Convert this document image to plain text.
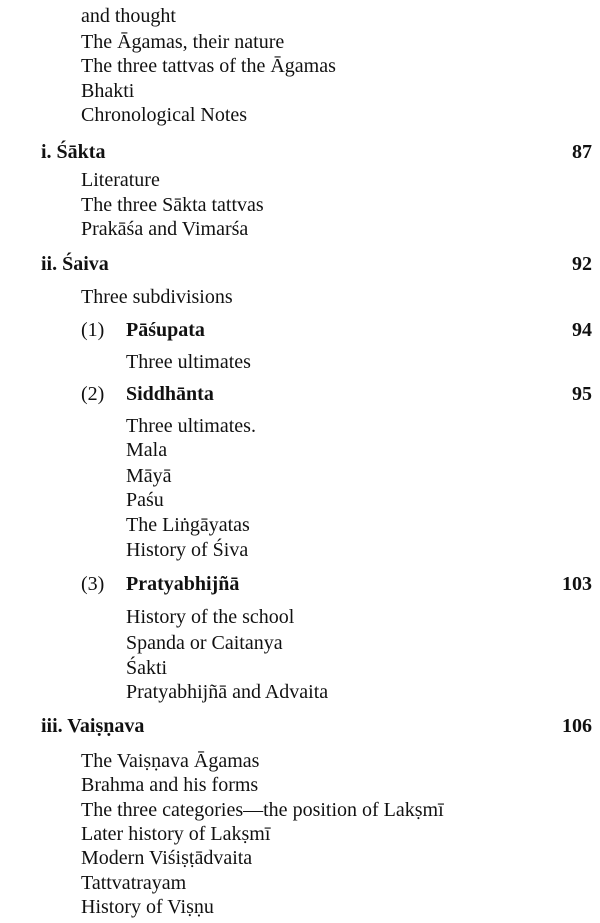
and thought
The Āgamas, their nature
The three tattvas of the Āgamas
Bhakti
Chronological Notes
i. Śākta	87
Literature
The three Sākta tattvas
Prakāśa and Vimarśa
ii. Śaiva	92
Three subdivisions
(1) Pāśupata	94
Three ultimates
(2) Siddhānta	95
Three ultimates.
Mala
Māyā
Paśu
The Liṅgāyatas
History of Śiva
(3) Pratyabhijñā	103
History of the school
Spanda or Caitanya
Śakti
Pratyabhijñā and Advaita
iii. Vaiṣṇava	106
The Vaiṣṇava Āgamas
Brahma and his forms
The three categories—the position of Lakṣmī
Later history of Lakṣmī
Modern Viśiṣṭādvaita
Tattvatrayam
History of Viṣṇu
